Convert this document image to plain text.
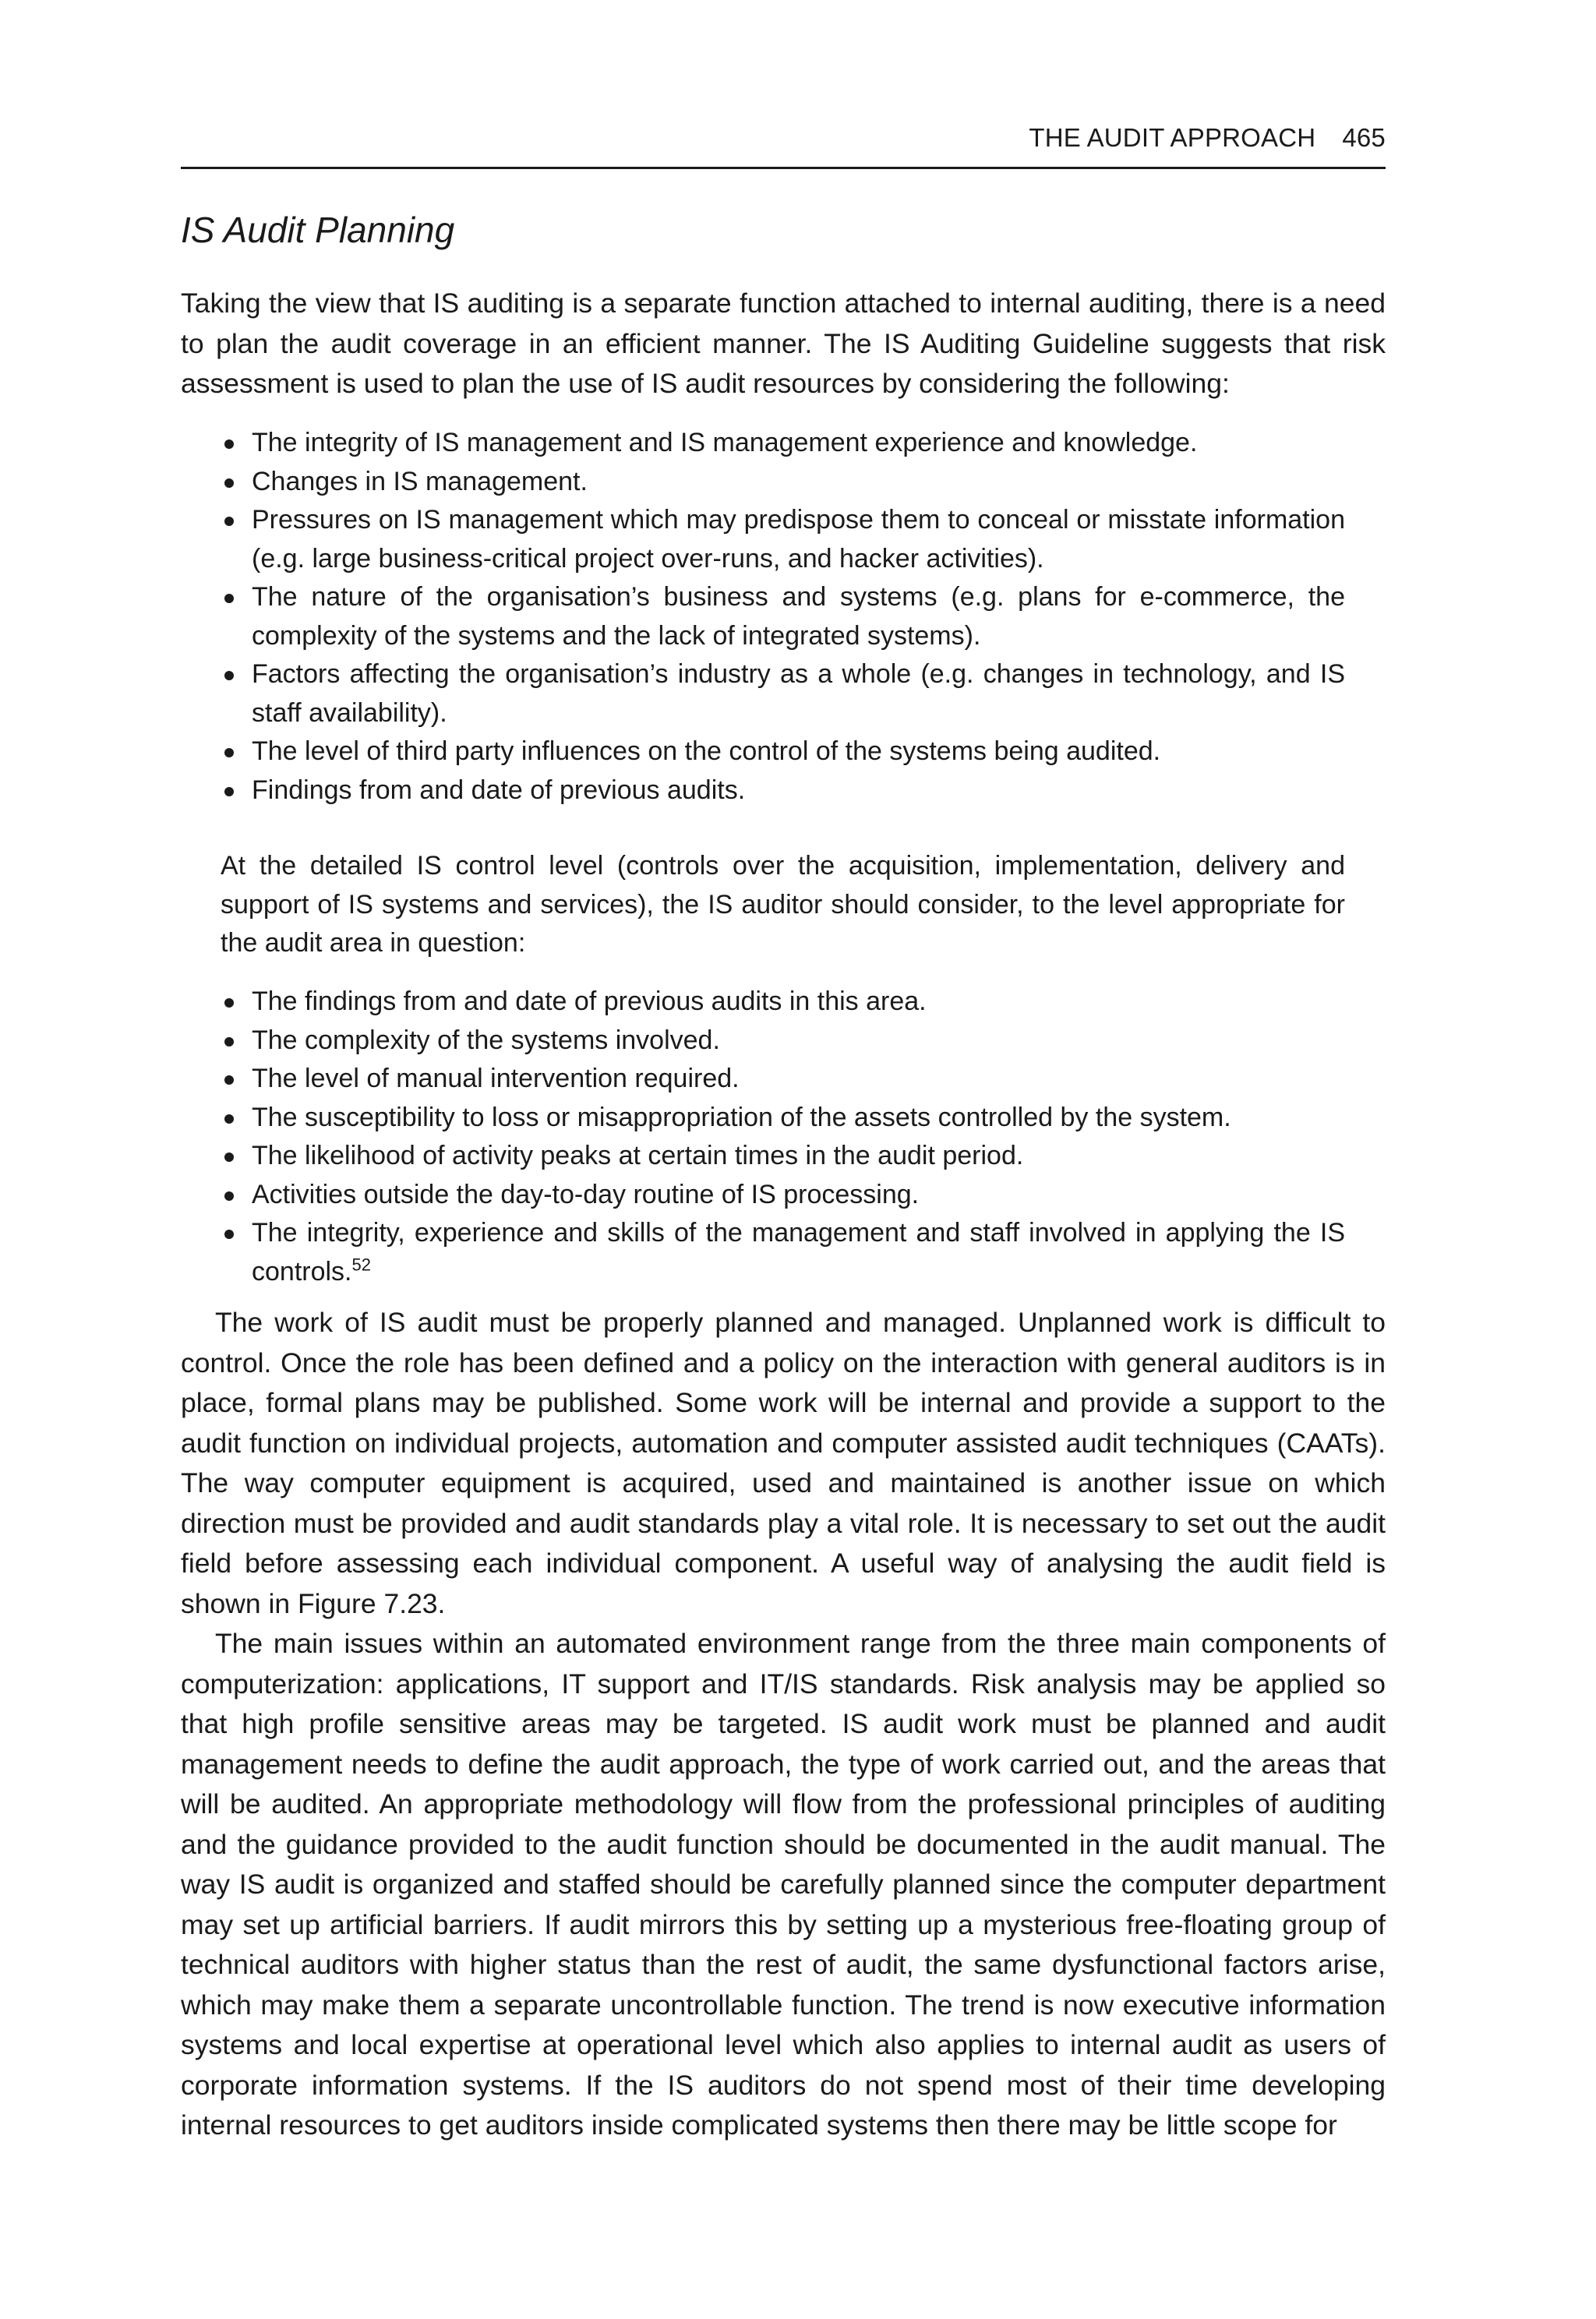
THE AUDIT APPROACH 465
IS Audit Planning

Taking the view that IS auditing is a separate function attached to internal auditing, there is a need to plan the audit coverage in an efficient manner. The IS Auditing Guideline suggests that risk assessment is used to plan the use of IS audit resources by considering the following:

The integrity of IS management and IS management experience and knowledge.
Changes in IS management.
Pressures on IS management which may predispose them to conceal or misstate information (e.g. large business-critical project over-runs, and hacker activities).
The nature of the organisation’s business and systems (e.g. plans for e-commerce, the complexity of the systems and the lack of integrated systems).
Factors affecting the organisation’s industry as a whole (e.g. changes in technology, and IS staff availability).
The level of third party influences on the control of the systems being audited.
Findings from and date of previous audits.

At the detailed IS control level (controls over the acquisition, implementation, delivery and support of IS systems and services), the IS auditor should consider, to the level appropriate for the audit area in question:

The findings from and date of previous audits in this area.
The complexity of the systems involved.
The level of manual intervention required.
The susceptibility to loss or misappropriation of the assets controlled by the system.
The likelihood of activity peaks at certain times in the audit period.
Activities outside the day-to-day routine of IS processing.
The integrity, experience and skills of the management and staff involved in applying the IS controls.$^{52}$

The work of IS audit must be properly planned and managed. Unplanned work is difficult to control. Once the role has been defined and a policy on the interaction with general auditors is in place, formal plans may be published. Some work will be internal and provide a support to the audit function on individual projects, automation and computer assisted audit techniques (CAATs). The way computer equipment is acquired, used and maintained is another issue on which direction must be provided and audit standards play a vital role. It is necessary to set out the audit field before assessing each individual component. A useful way of analysing the audit field is shown in Figure 7.23.

The main issues within an automated environment range from the three main components of computerization: applications, IT support and IT/IS standards. Risk analysis may be applied so that high profile sensitive areas may be targeted. IS audit work must be planned and audit management needs to define the audit approach, the type of work carried out, and the areas that will be audited. An appropriate methodology will flow from the professional principles of auditing and the guidance provided to the audit function should be documented in the audit manual. The way IS audit is organized and staffed should be carefully planned since the computer department may set up artificial barriers. If audit mirrors this by setting up a mysterious free-floating group of technical auditors with higher status than the rest of audit, the same dysfunctional factors arise, which may make them a separate uncontrollable function. The trend is now executive information systems and local expertise at operational level which also applies to internal audit as users of corporate information systems. If the IS auditors do not spend most of their time developing internal resources to get auditors inside complicated systems then there may be little scope for
